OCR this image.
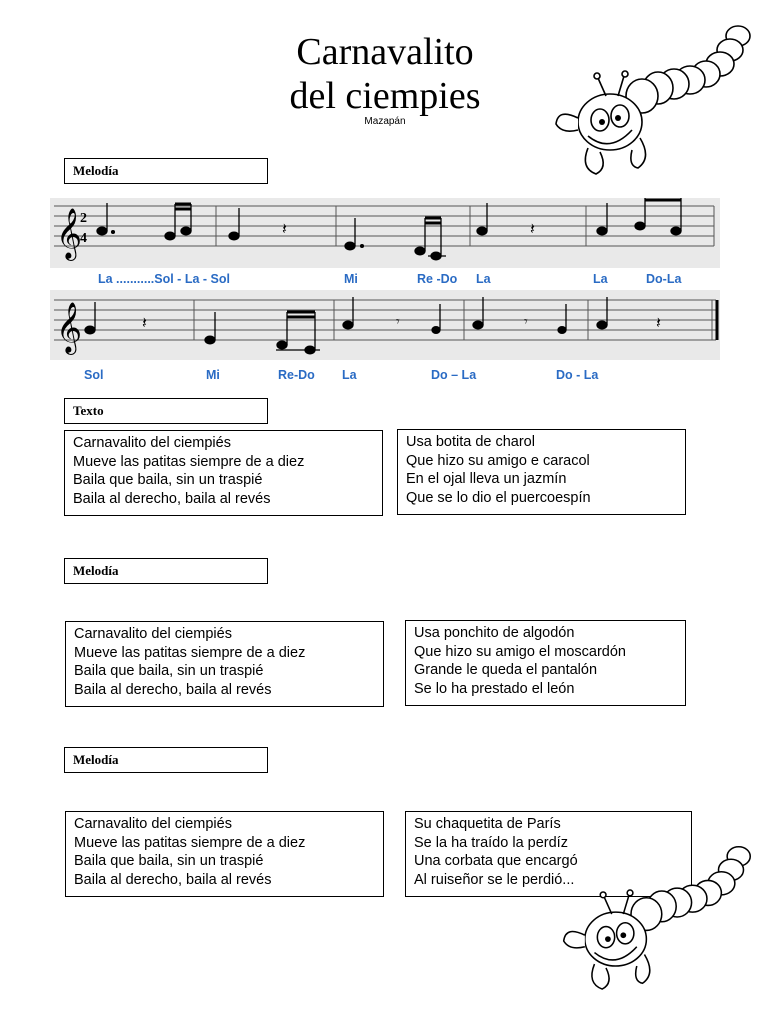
Carnavalito
del ciempies
Mazapán
Melodía
𝄞
2
4
𝄽	𝄽
La ...........Sol - La - Sol	Mi	Re -Do La	La	Do-La
𝄞	𝄽	𝄽
𝄾	𝄾
Sol	Mi	Re-Do La	Do – La	Do - La
Texto
Carnavalito del ciempiés
Mueve las patitas siempre de a diez
Baila que baila, sin un traspié
Baila al derecho, baila al revés
Usa botita de charol
Que hizo su amigo e caracol
En el ojal lleva un jazmín
Que se lo dio el puercoespín
Melodía
Carnavalito del ciempiés
Mueve las patitas siempre de a diez
Baila que baila, sin un traspié
Baila al derecho, baila al revés
Usa ponchito de algodón
Que hizo su amigo el moscardón
Grande le queda el pantalón
Se lo ha prestado el león
Melodía
Carnavalito del ciempiés
Mueve las patitas siempre de a diez
Baila que baila, sin un traspié
Baila al derecho, baila al revés
Su chaquetita de París
Se la ha traído la perdíz
Una corbata que encargó
Al ruiseñor se le perdió...
